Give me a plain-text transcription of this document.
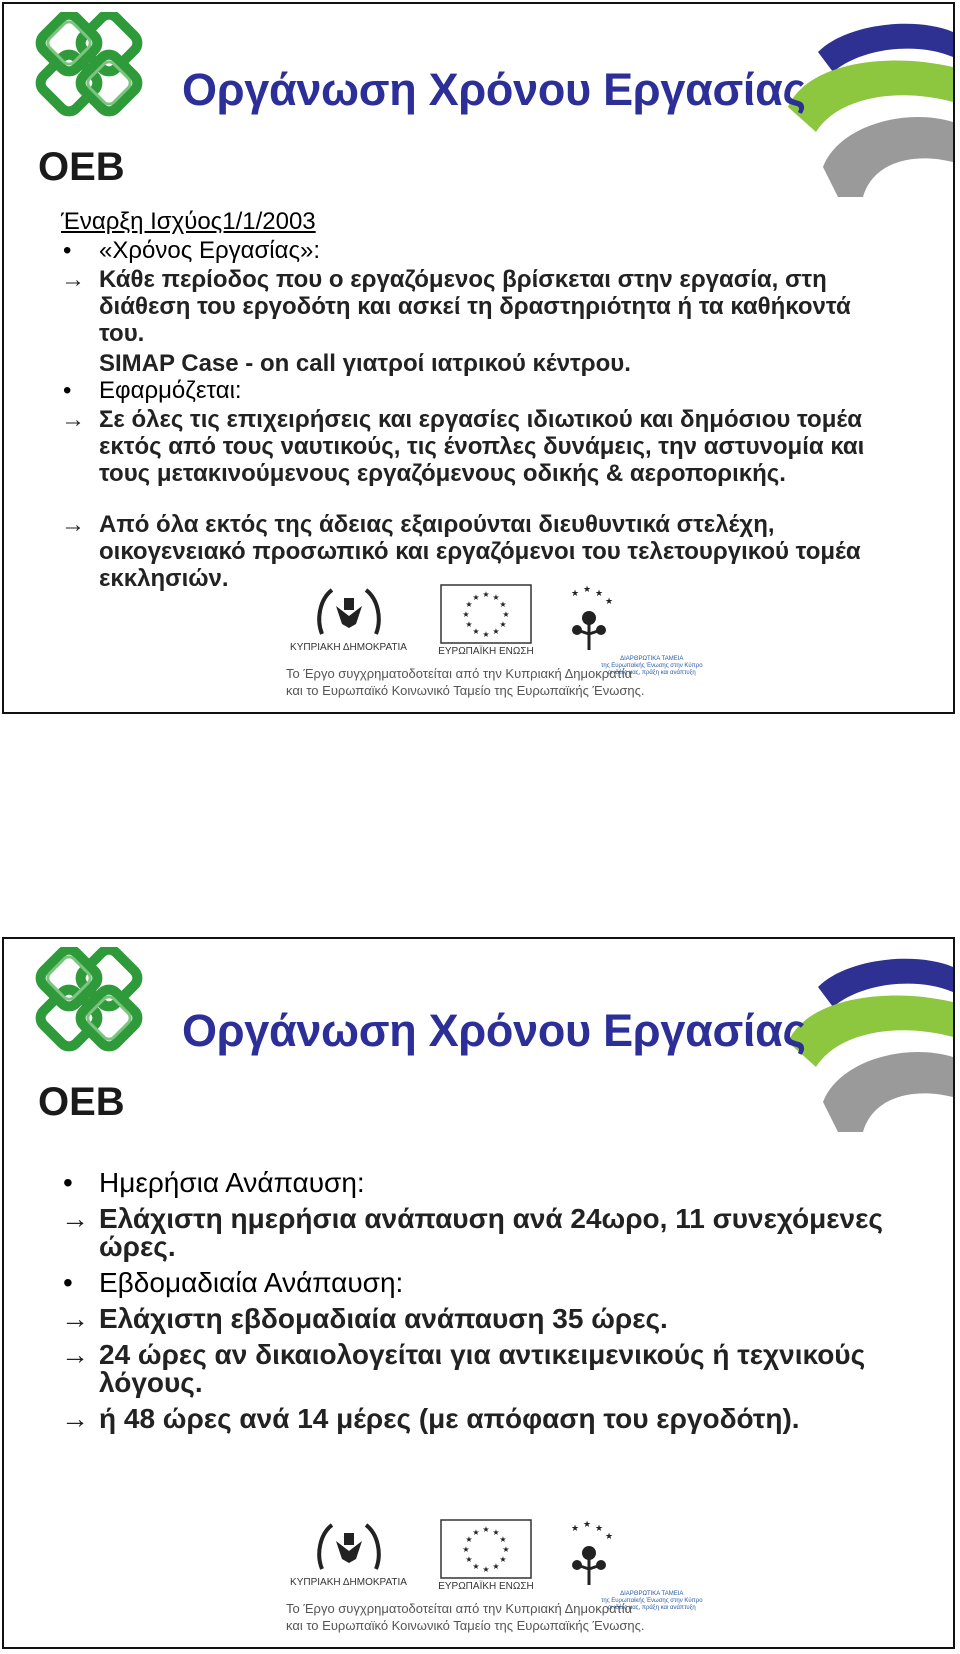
OEB
Οργάνωση Χρόνου Εργασίας
Έναρξη Ισχύος1/1/2003
• «Χρόνος Εργασίας»:
→ Κάθε περίοδος που ο εργαζόμενος βρίσκεται στην εργασία, στη
διάθεση του εργοδότη και ασκεί τη δραστηριότητα ή τα καθήκοντά
του.
SIMAP Case - on call γιατροί ιατρικού κέντρου.
• Εφαρμόζεται:
→ Σε όλες τις επιχειρήσεις και εργασίες ιδιωτικού και δημόσιου τομέα
εκτός από τους ναυτικούς, τις ένοπλες δυνάμεις, την αστυνομία και
τους μετακινούμενους εργαζόμενους οδικής & αεροπορικής.
→ Από όλα εκτός της άδειας εξαιρούνται διευθυντικά στελέχη,
οικογενειακό προσωπικό και εργαζόμενοι του τελετουργικού τομέα
εκκλησιών.
ΚΥΠΡΙΑΚΗ ΔΗΜΟΚΡΑΤΙΑ
★ ★
★
★
★
★
★
★
★
★
★
★
ΕΥΡΩΠΑΪΚΗ ΕΝΩΣΗ
★ ★ ★
★
ΔΙΑΡΘΡΩΤΙΚΑ ΤΑΜΕΙΑ
της Ευρωπαϊκής Ένωσης στην Κύπρο
οι ιδέες μας, πράξη και ανάπτυξη
Το Έργο συγχρηματοδοτείται από την Κυπριακή Δημοκρατία
και το Ευρωπαϊκό Κοινωνικό Ταμείο της Ευρωπαϊκής Ένωσης.
OEB
Οργάνωση Χρόνου Εργασίας
• Ημερήσια Ανάπαυση:
→ Ελάχιστη ημερήσια ανάπαυση ανά 24ωρο, 11 συνεχόμενες
ώρες.
• Εβδομαδιαία Ανάπαυση:
→ Ελάχιστη εβδομαδιαία ανάπαυση 35 ώρες.
→ 24 ώρες αν δικαιολογείται για αντικειμενικούς ή τεχνικούς
λόγους.
→ ή 48 ώρες ανά 14 μέρες (με απόφαση του εργοδότη).
ΚΥΠΡΙΑΚΗ ΔΗΜΟΚΡΑΤΙΑ
★ ★
★
★
★
★
★
★
★
★
★
★
ΕΥΡΩΠΑΪΚΗ ΕΝΩΣΗ
★ ★ ★
★
ΔΙΑΡΘΡΩΤΙΚΑ ΤΑΜΕΙΑ
της Ευρωπαϊκής Ένωσης στην Κύπρο
οι ιδέες μας, πράξη και ανάπτυξη
Το Έργο συγχρηματοδοτείται από την Κυπριακή Δημοκρατία
και το Ευρωπαϊκό Κοινωνικό Ταμείο της Ευρωπαϊκής Ένωσης.
